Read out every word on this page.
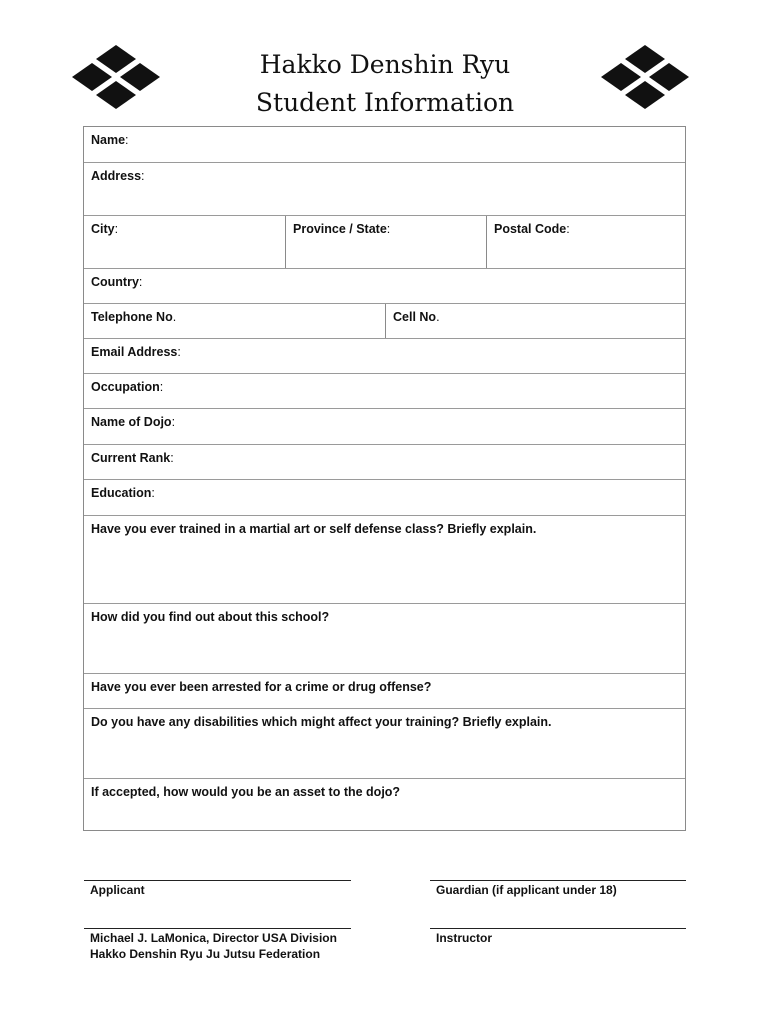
Hakko Denshin Ryu
Student Information
Name:
Address:
City:	Province / State:	Postal Code:
Country:
Telephone No.	Cell No.
Email Address:
Occupation:
Name of Dojo:
Current Rank:
Education:
Have you ever trained in a martial art or self defense class? Briefly explain.
How did you find out about this school?
Have you ever been arrested for a crime or drug offense?
Do you have any disabilities which might affect your training? Briefly explain.
If accepted, how would you be an asset to the dojo?
Applicant	Guardian (if applicant under 18)
Michael J. LaMonica, Director USA Division
Hakko Denshin Ryu Ju Jutsu Federation
Instructor
